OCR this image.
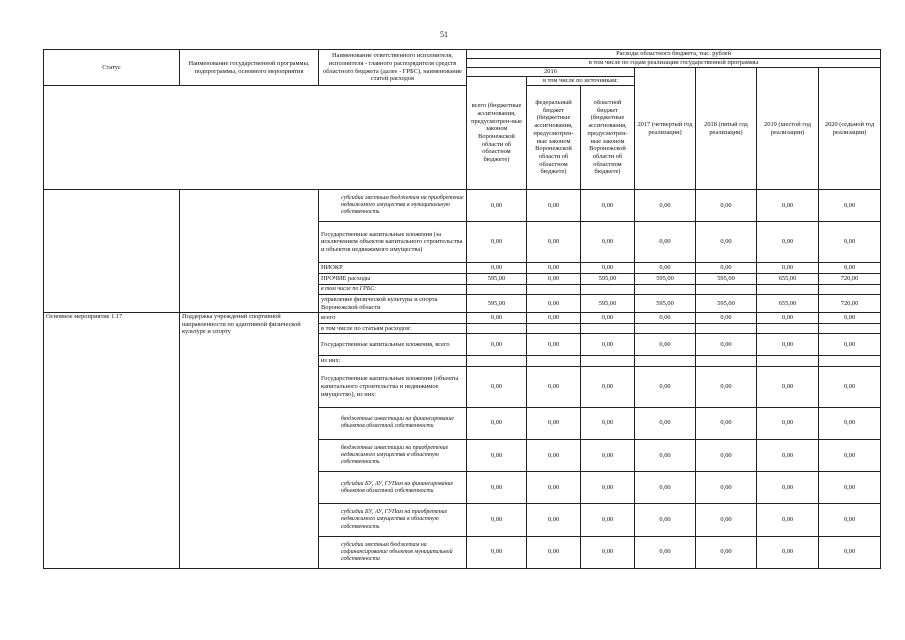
51
Статус	Наименование государственной программы, подпрограммы, основного мероприятия	Наименование ответственного исполнителя, исполнителя - главного распорядителя средств областного бюджета (далее - ГРБС), наименование статей расходов	Расходы областного бюджета, тыс. рублей						
			в том числе по годам реализации государственной программы						
			2016			2017 (четвертый год реализации)	2018 (пятый год реализации)	2019 (шестой год реализации)	2020 (седьмой год реализации)
			всего (бюджетные ассигнования, предусмотрен-ные законом Воронежской области об областном бюджете)	в том числе по источникам:					
				федеральный бюджет (бюджетные ассигнования, предусмотрен-ные законом Воронежской области об областном бюджете)	областной бюджет (бюджетные ассигнования, предусмотрен-ные законом Воронежской области об областном бюджете)				
		субсидии местным бюджетам на приобретение недвижимого имущества в муниципальную собственность	0,00	0,00	0,00	0,00	0,00	0,00	0,00
		Государственные капитальные вложения (за исключением объектов капитального строительства и объектов недвижимого имущества)	0,00	0,00	0,00	0,00	0,00	0,00	0,00
		НИОКР	0,00	0,00	0,00	0,00	0,00	0,00	0,00
		ПРОЧИЕ расходы	595,00	0,00	595,00	595,00	595,00	655,00	720,00
		в том числе по ГРБС:							
		управление физической культуры и спорта Воронежской области	595,00	0,00	595,00	595,00	595,00	655,00	720,00
Основное мероприятие 1.17	Поддержка учреждений спортивной направленности по адаптивной физической культуре и спорту	всего	0,00	0,00	0,00	0,00	0,00	0,00	0,00
		в том числе по статьям расходов:							
		Государственные капитальные вложения, всего	0,00	0,00	0,00	0,00	0,00	0,00	0,00
		из них:							
		Государственные капитальные вложения (объекты капитального строительства и недвижимое имущество), из них:	0,00	0,00	0,00	0,00	0,00	0,00	0,00
		бюджетные инвестиции на финансирование объектов областной собственности	0,00	0,00	0,00	0,00	0,00	0,00	0,00
		бюджетные инвестиции на приобретение недвижимого имущества в областную собственность	0,00	0,00	0,00	0,00	0,00	0,00	0,00
		субсидии БУ, АУ, ГУПам на финансирование объектов областной собственности	0,00	0,00	0,00	0,00	0,00	0,00	0,00
		субсидии БУ, АУ, ГУПам на приобретение недвижимого имущества в областную собственность	0,00	0,00	0,00	0,00	0,00	0,00	0,00
		субсидии местным бюджетам на софинансирование объектов муниципальной собственности	0,00	0,00	0,00	0,00	0,00	0,00	0,00
